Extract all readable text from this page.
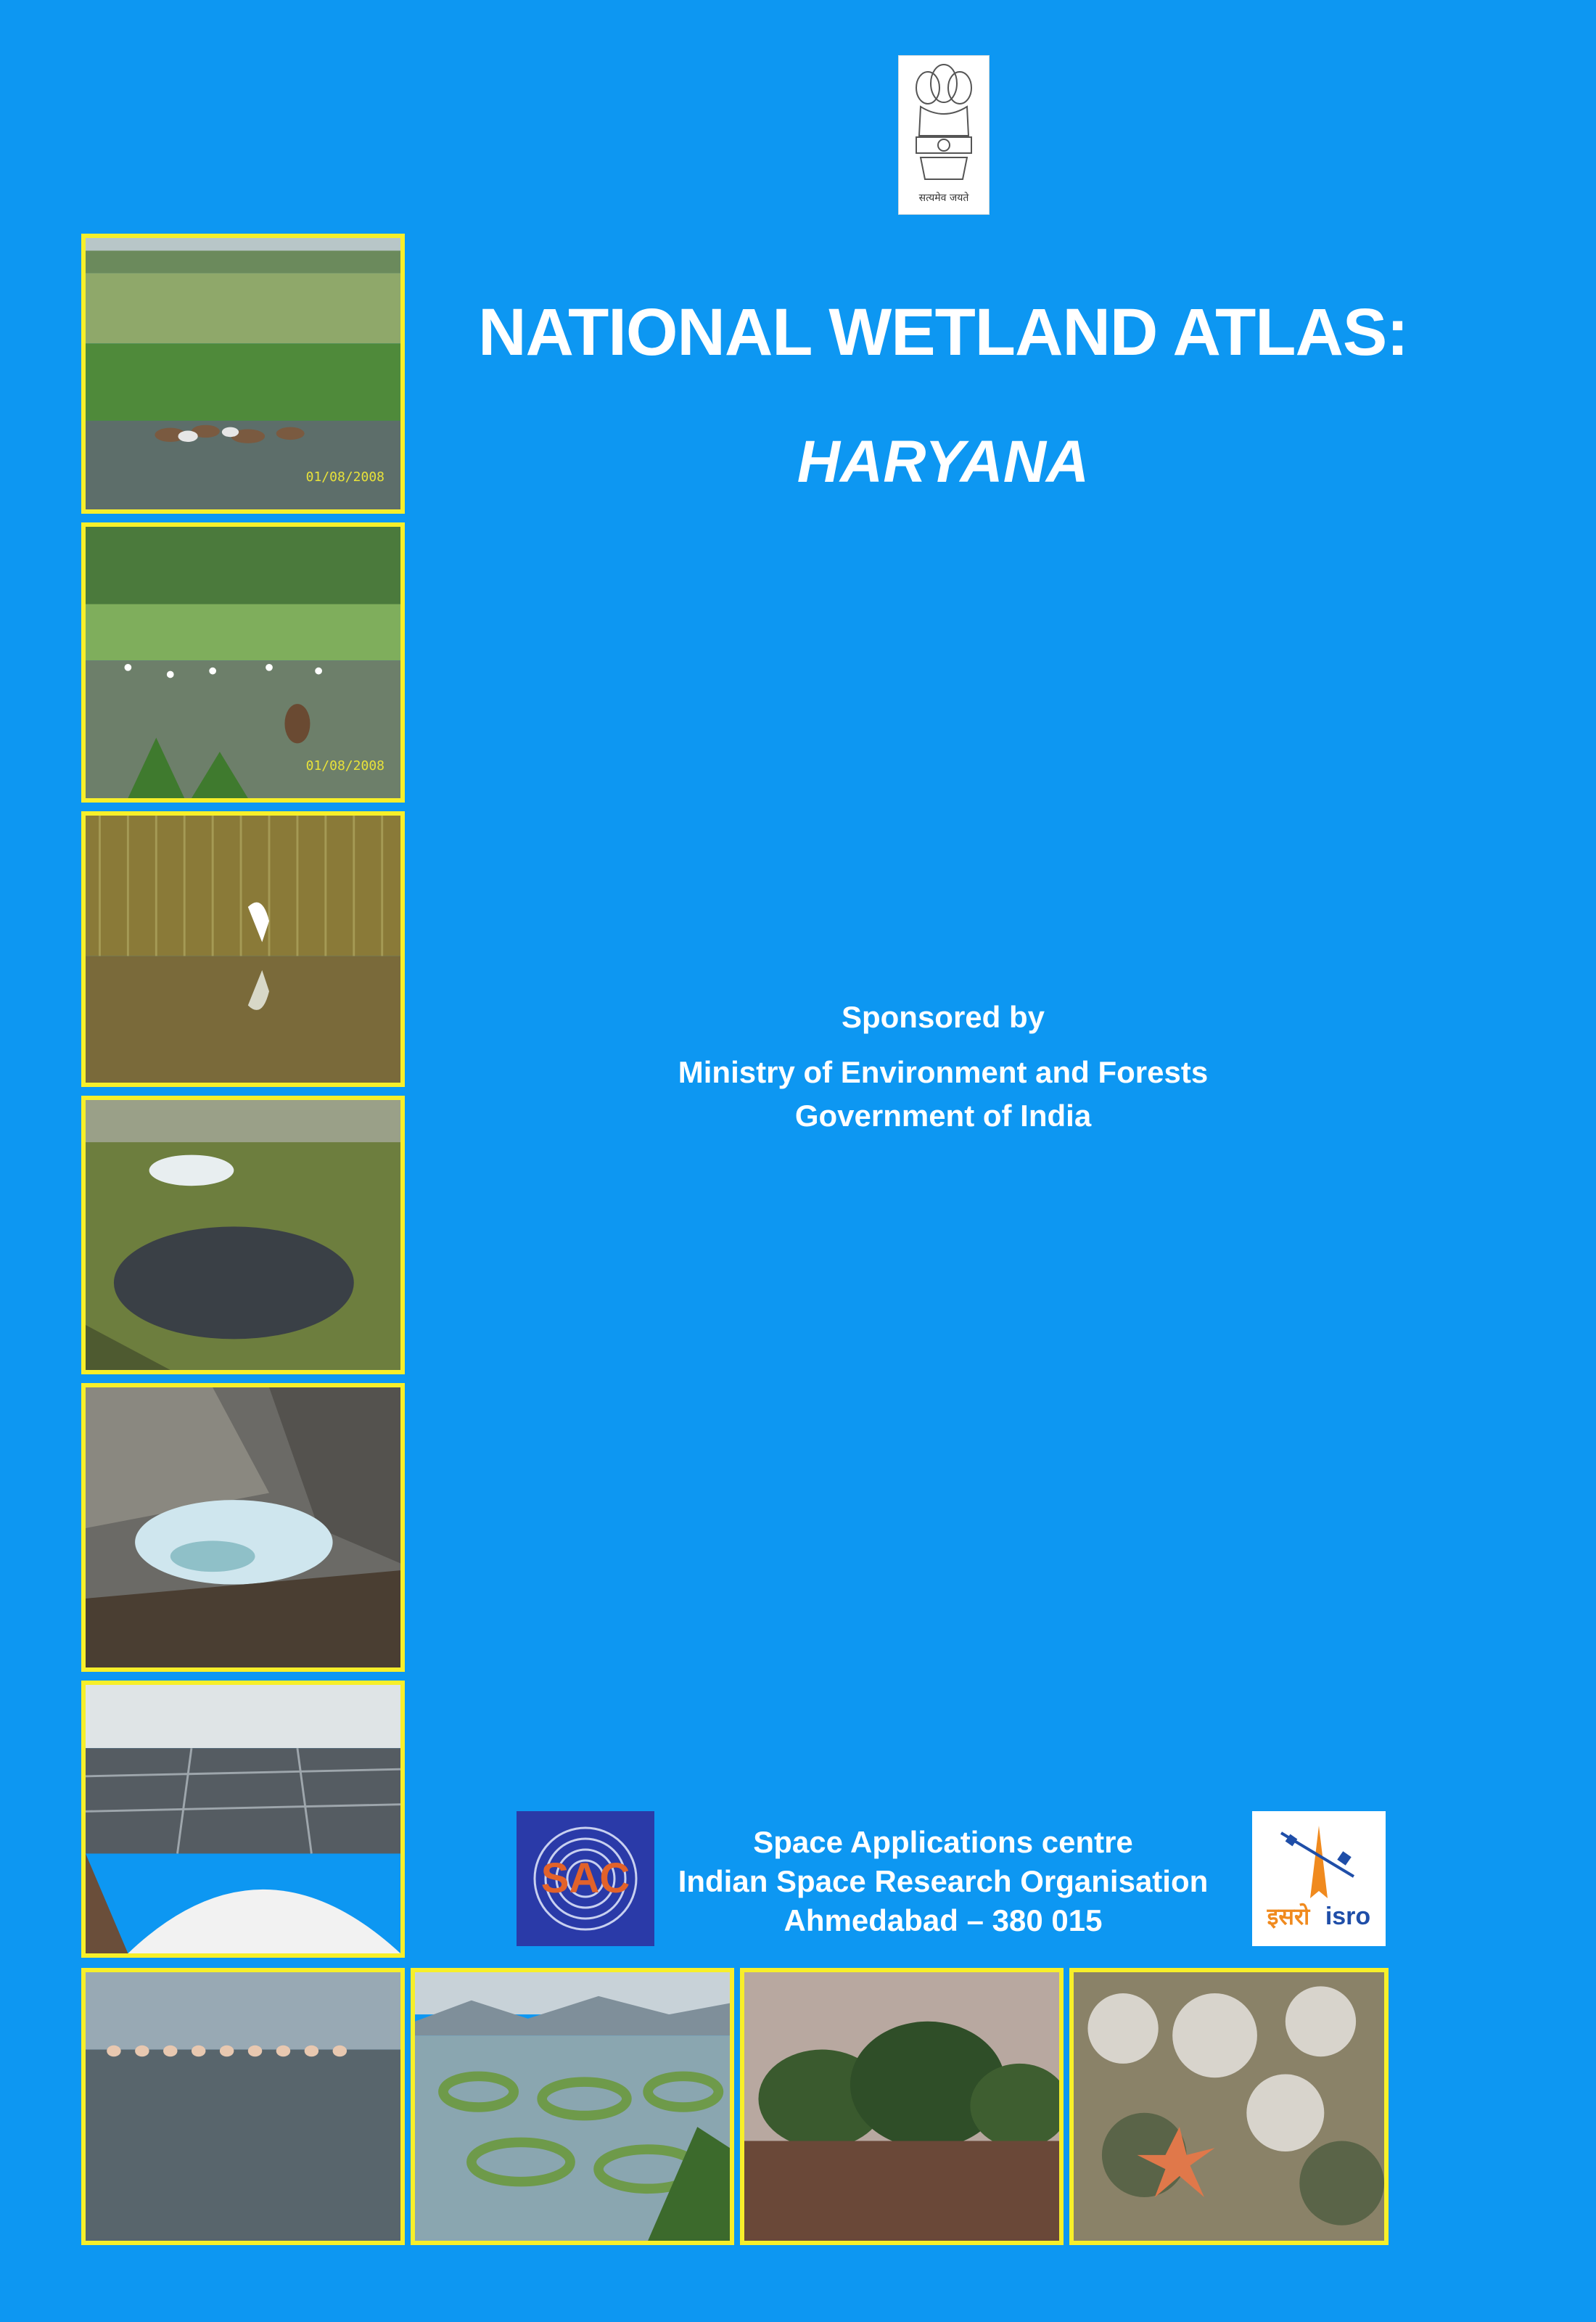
सत्यमेव जयते
NATIONAL WETLAND ATLAS:
HARYANA
Sponsored by
Ministry of Environment and Forests
Government of India
01/08/2008
01/08/2008
SAC
Space Applications centre
Indian Space Research Organisation
Ahmedabad – 380 015	इसरो isro
